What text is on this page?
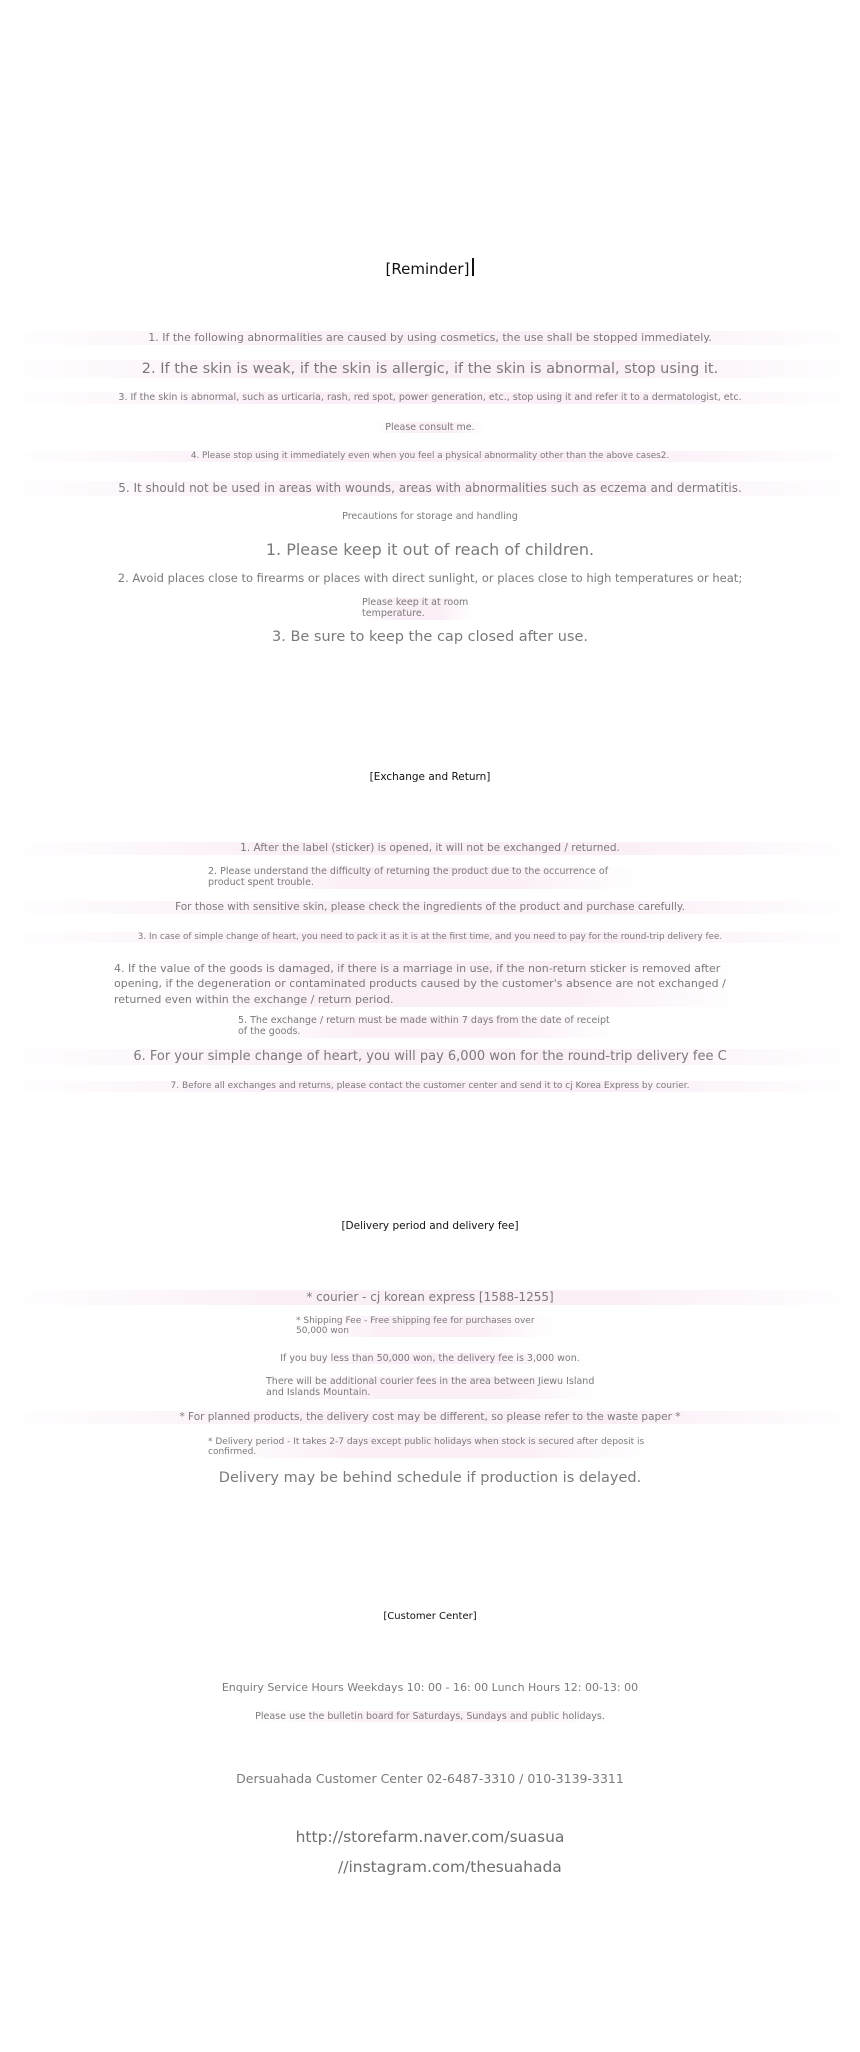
[Reminder]

1. If the following abnormalities are caused by using cosmetics, the use shall be stopped immediately.

2. If the skin is weak, if the skin is allergic, if the skin is abnormal, stop using it.

3. If the skin is abnormal, such as urticaria, rash, red spot, power generation, etc., stop using it and refer it to a dermatologist, etc.

Please consult me.

4. Please stop using it immediately even when you feel a physical abnormality other than the above cases2.

5. It should not be used in areas with wounds, areas with abnormalities such as eczema and dermatitis.

Precautions for storage and handling

1. Please keep it out of reach of children.

2. Avoid places close to firearms or places with direct sunlight, or places close to high temperatures or heat;

Please keep it at room temperature.

3. Be sure to keep the cap closed after use.

[Exchange and Return]

1. After the label (sticker) is opened, it will not be exchanged / returned.

2. Please understand the difficulty of returning the product due to the occurrence of product spent trouble.

For those with sensitive skin, please check the ingredients of the product and purchase carefully.

3. In case of simple change of heart, you need to pack it as it is at the first time, and you need to pay for the round-trip delivery fee.

4. If the value of the goods is damaged, if there is a marriage in use, if the non-return sticker is removed after opening, if the degeneration or contaminated products caused by the customer's absence are not exchanged / returned even within the exchange / return period.

5. The exchange / return must be made within 7 days from the date of receipt of the goods.

6. For your simple change of heart, you will pay 6,000 won for the round-trip delivery fee C

7. Before all exchanges and returns, please contact the customer center and send it to cj Korea Express by courier.

[Delivery period and delivery fee]

* courier - cj korean express [1588-1255]

* Shipping Fee - Free shipping fee for purchases over 50,000 won

If you buy less than 50,000 won, the delivery fee is 3,000 won.

There will be additional courier fees in the area between Jiewu Island and Islands Mountain.

* For planned products, the delivery cost may be different, so please refer to the waste paper *

* Delivery period - It takes 2-7 days except public holidays when stock is secured after deposit is confirmed.

Delivery may be behind schedule if production is delayed.

[Customer Center]

Enquiry Service Hours Weekdays 10: 00 - 16: 00 Lunch Hours 12: 00-13: 00

Please use the bulletin board for Saturdays, Sundays and public holidays.

Dersuahada Customer Center 02-6487-3310 / 010-3139-3311

http://storefarm.naver.com/suasua

//instagram.com/thesuahada
